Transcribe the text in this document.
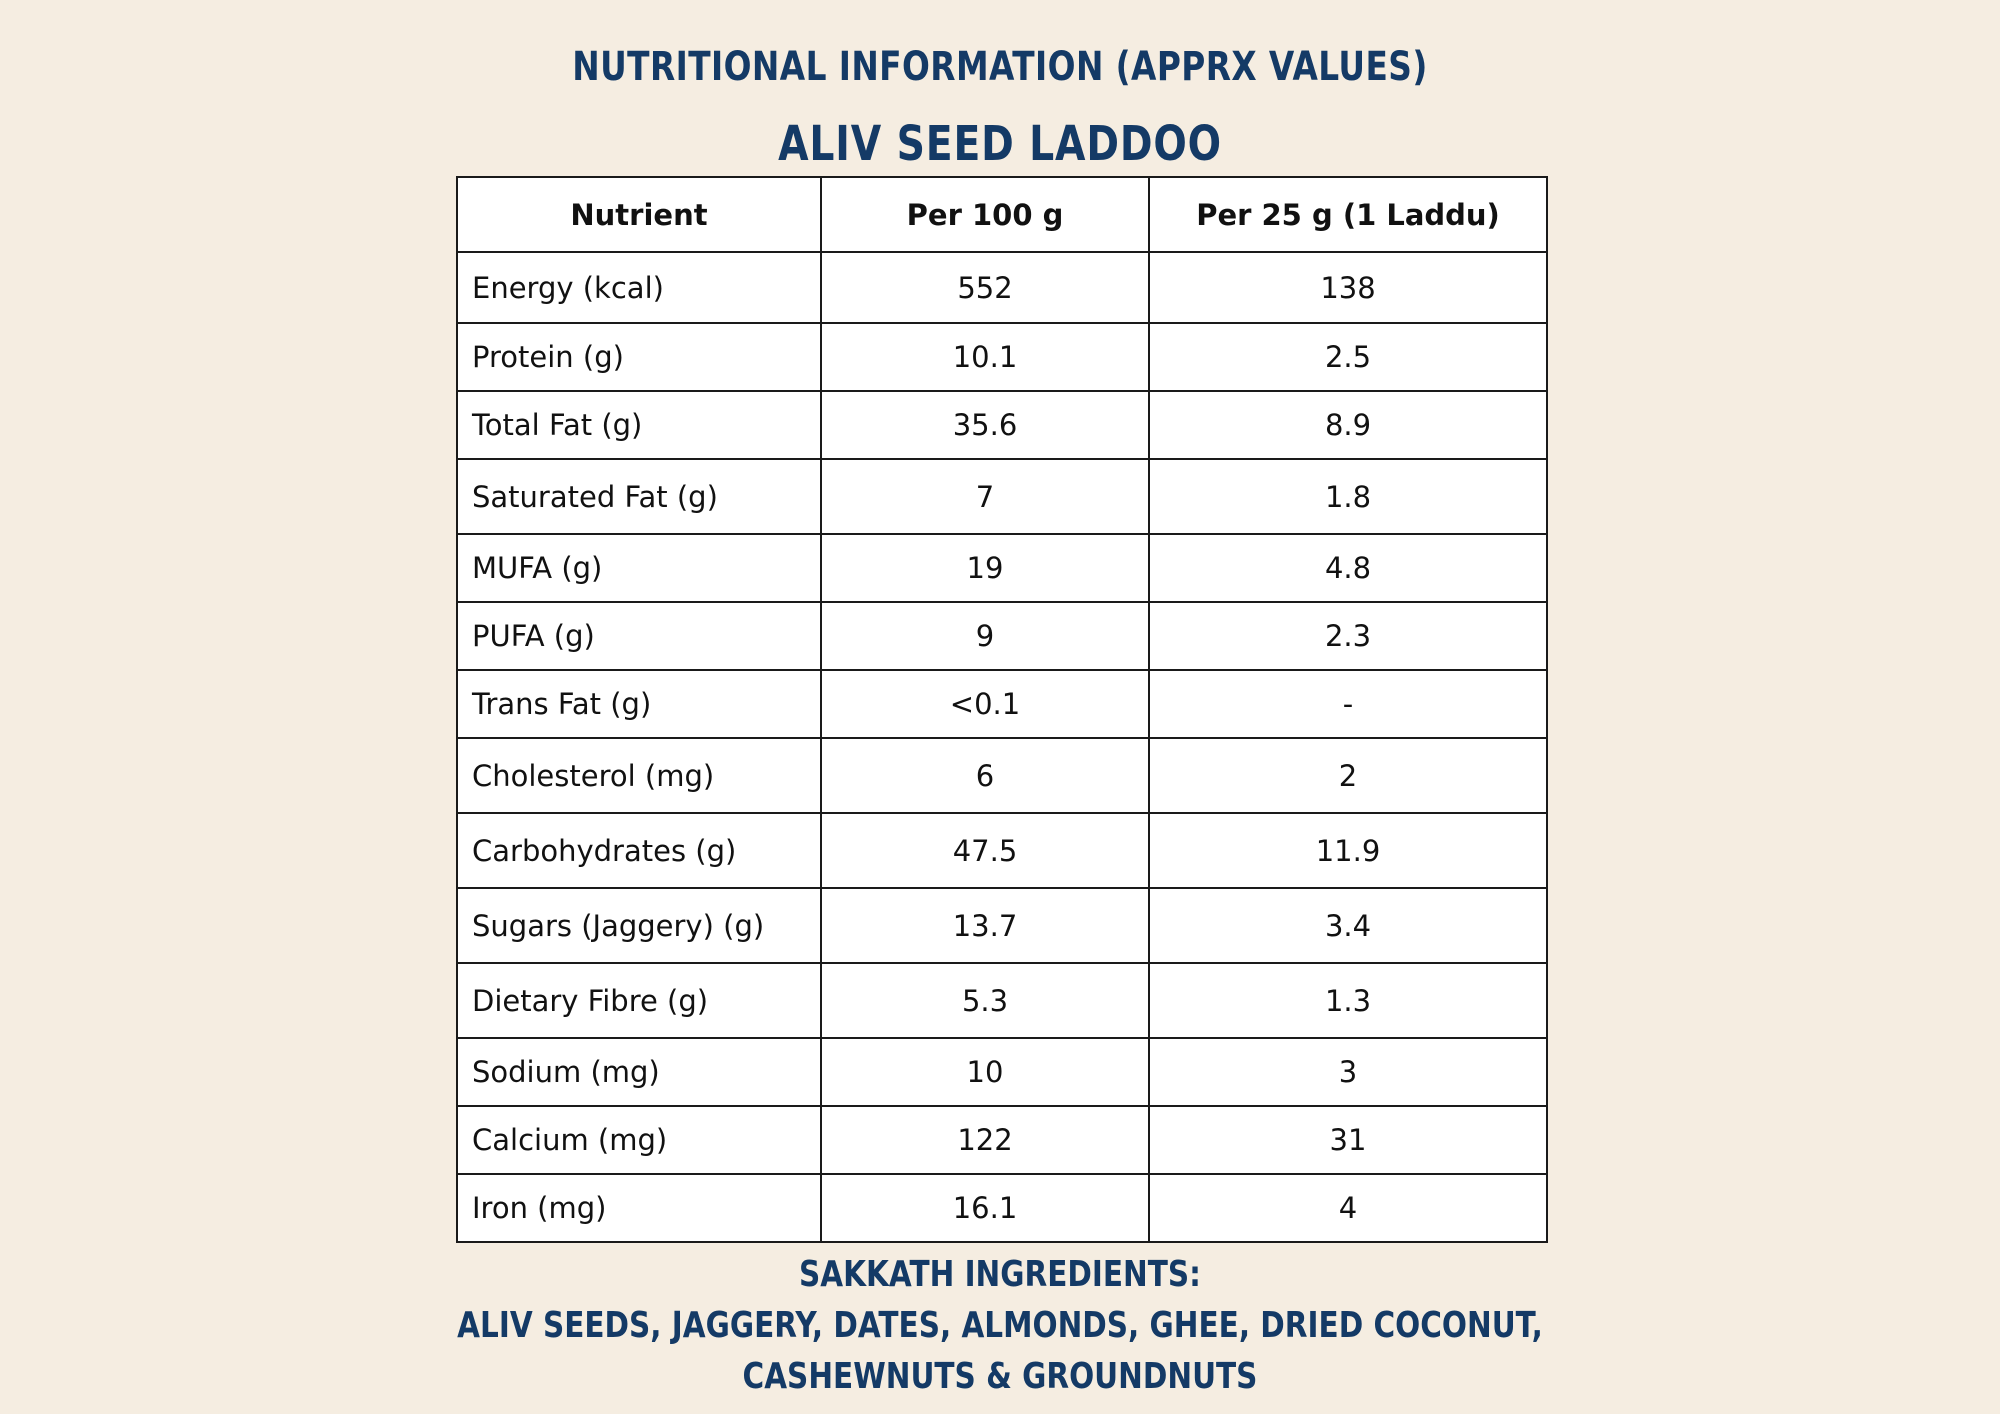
NUTRITIONAL INFORMATION (APPRX VALUES)
ALIV SEED LADDOO
Nutrient	Per 100 g	Per 25 g (1 Laddu)
Energy (kcal)	552	138
Protein (g)	10.1	2.5
Total Fat (g)	35.6	8.9
Saturated Fat (g)	7	1.8
MUFA (g)	19	4.8
PUFA (g)	9	2.3
Trans Fat (g)	<0.1	-
Cholesterol (mg)	6	2
Carbohydrates (g)	47.5	11.9
Sugars (Jaggery) (g)	13.7	3.4
Dietary Fibre (g)	5.3	1.3
Sodium (mg)	10	3
Calcium (mg)	122	31
Iron (mg)	16.1	4
SAKKATH INGREDIENTS:
ALIV SEEDS, JAGGERY, DATES, ALMONDS, GHEE, DRIED COCONUT,
CASHEWNUTS & GROUNDNUTS
